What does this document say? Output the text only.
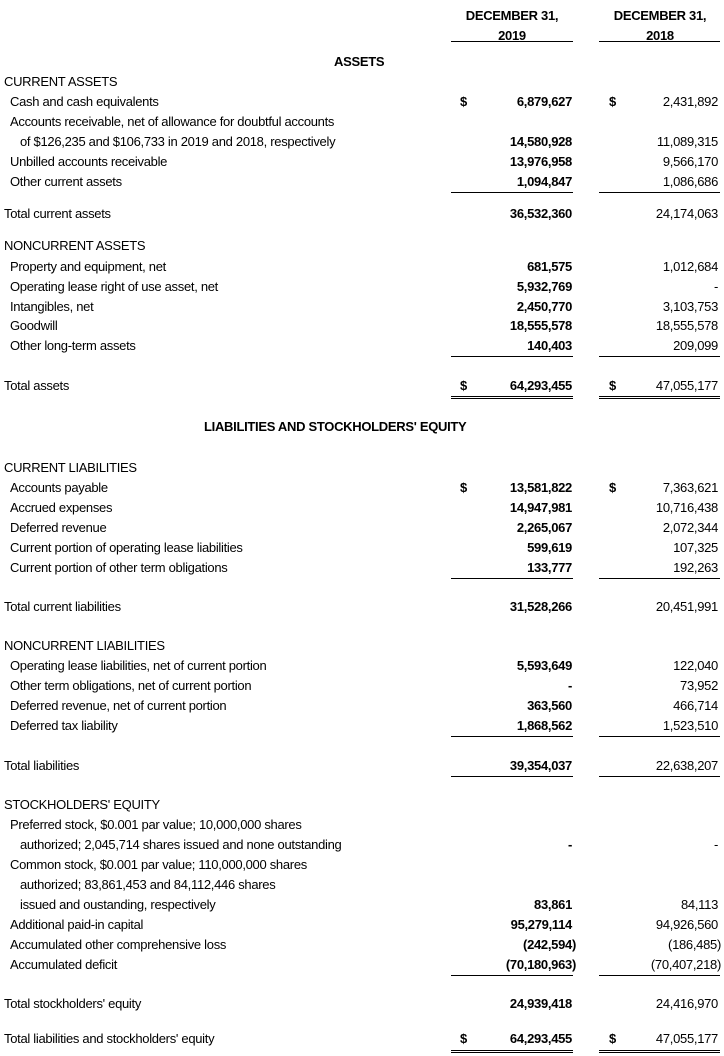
DECEMBER 31,
2019
DECEMBER 31,
2018
ASSETS
CURRENT ASSETS
Cash and cash equivalents	$	6,879,627	$	2,431,892
Accounts receivable, net of allowance for doubtful accounts
of $126,235 and $106,733 in 2019 and 2018, respectively	14,580,928	11,089,315
Unbilled accounts receivable	13,976,958	9,566,170
Other current assets	1,094,847	1,086,686
Total current assets	36,532,360	24,174,063
NONCURRENT ASSETS
Property and equipment, net	681,575	1,012,684
Operating lease right of use asset, net	5,932,769	-
Intangibles, net	2,450,770	3,103,753
Goodwill	18,555,578	18,555,578
Other long-term assets	140,403	209,099
Total assets	$	64,293,455	$	47,055,177
LIABILITIES AND STOCKHOLDERS' EQUITY
CURRENT LIABILITIES
Accounts payable	$	13,581,822	$	7,363,621
Accrued expenses	14,947,981	10,716,438
Deferred revenue	2,265,067	2,072,344
Current portion of operating lease liabilities	599,619	107,325
Current portion of other term obligations	133,777	192,263
Total current liabilities	31,528,266	20,451,991
NONCURRENT LIABILITIES
Operating lease liabilities, net of current portion	5,593,649	122,040
Other term obligations, net of current portion	-	73,952
Deferred revenue, net of current portion	363,560	466,714
Deferred tax liability	1,868,562	1,523,510
Total liabilities	39,354,037	22,638,207
STOCKHOLDERS' EQUITY
Preferred stock, $0.001 par value; 10,000,000 shares
authorized; 2,045,714 shares issued and none outstanding	-	-
Common stock, $0.001 par value; 110,000,000 shares
authorized; 83,861,453 and 84,112,446 shares
issued and oustanding, respectively	83,861	84,113
Additional paid-in capital	95,279,114	94,926,560
Accumulated other comprehensive loss	(242,594)	(186,485)
Accumulated deficit	(70,180,963)	(70,407,218)
Total stockholders' equity	24,939,418	24,416,970
Total liabilities and stockholders' equity	$	64,293,455	$	47,055,177
